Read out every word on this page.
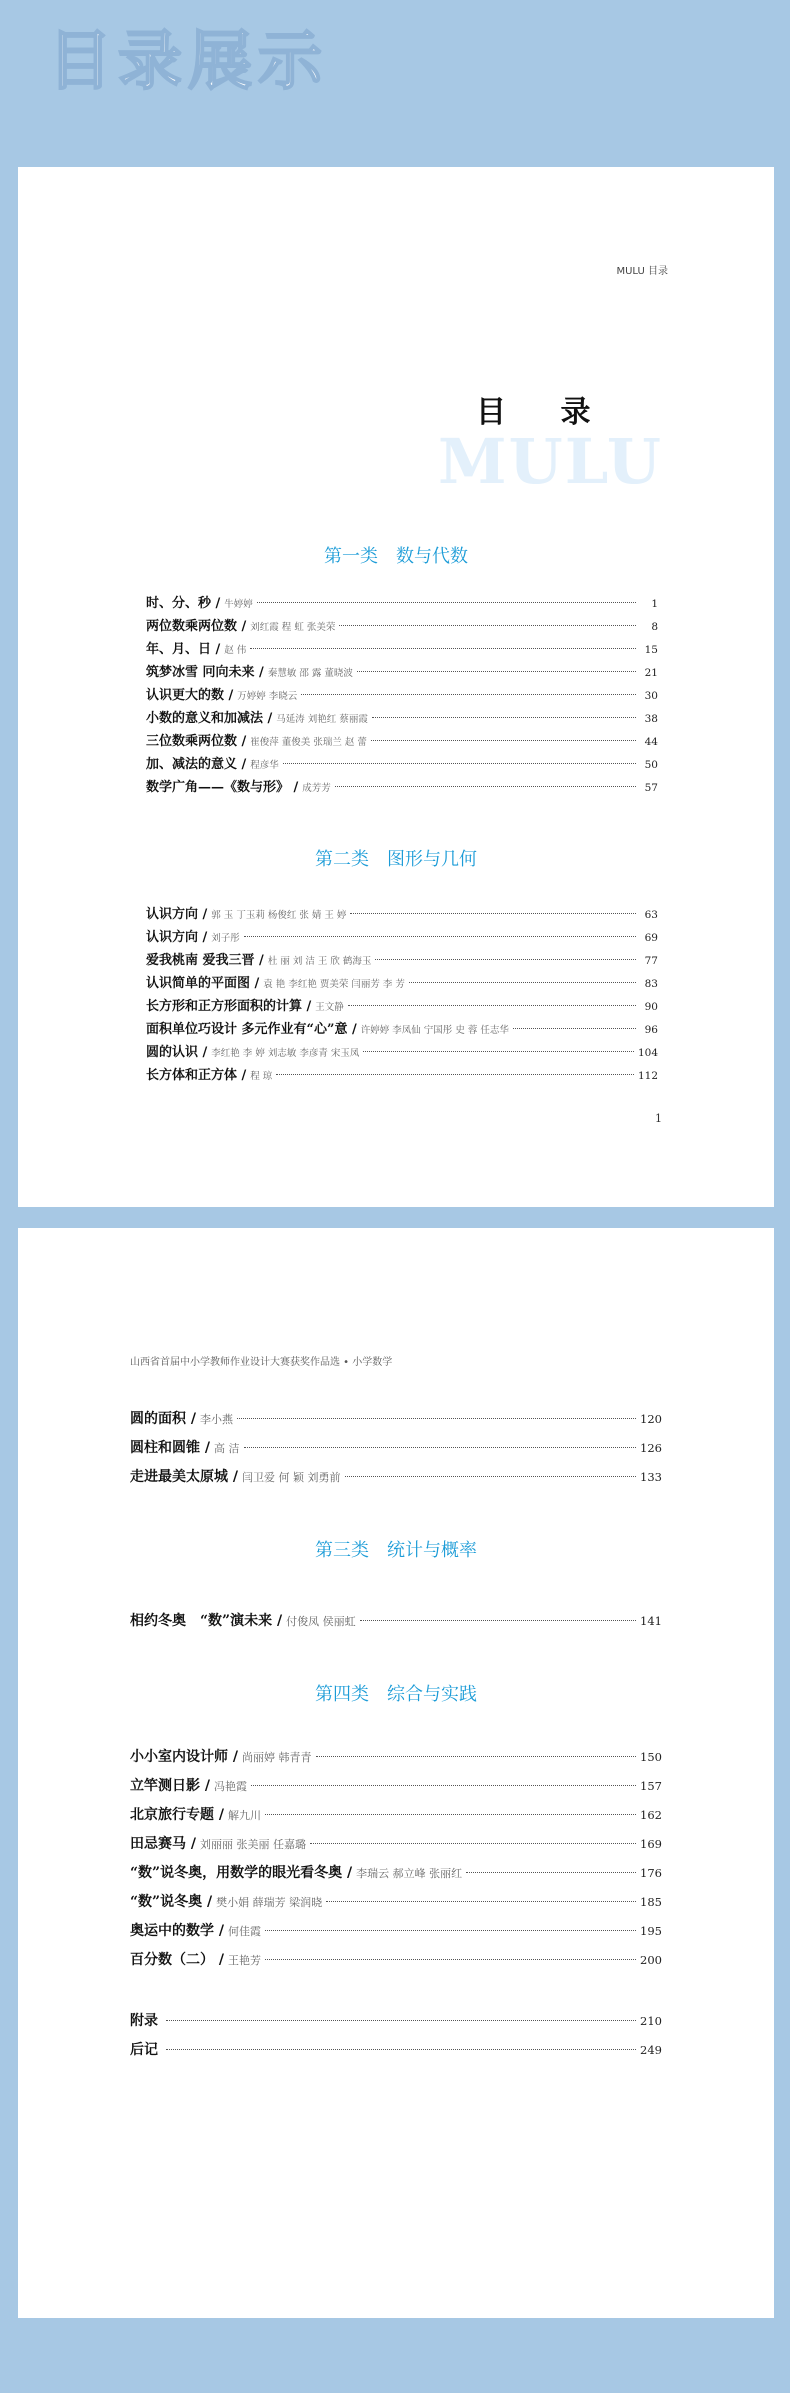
目录展示
MULU 目录
MULU
目 录
第一类　数与代数
时、分、秒 / 牛婷婷	1
两位数乘两位数 / 刘红霞 程 虹 张美荣	8
年、月、日 / 赵 伟	15
筑梦冰雪 冋向未来 / 秦慧敏 邵 露 董晓波	21
认识更大的数 / 万婷婷 李晓云	30
小数的意义和加减法 / 马延涛 刘艳红 蔡丽霞	38
三位数乘两位数 / 崔俊萍 董俊美 张瑞兰 赵 蕾	44
加、减法的意义 / 程彦华	50
数学广角——《数与形》 / 成芳芳	57
第二类　图形与几何
认识方向 / 郭 玉 丁玉莉 杨俊红 张 婧 王 婷	63
认识方向 / 刘子彤	69
爱我桃南 爱我三晋 / 杜 丽 刘 洁 王 欣 鹤海玉	77
认识简单的平面图 / 袁 艳 李红艳 贾美荣 闫丽芳 李 芳	83
长方形和正方形面积的计算 / 王文静	90
面积单位巧设计 多元作业有“心”意 / 许婷婷 李凤仙 宁国彤 史 蓉 任志华	96
圆的认识 / 李红艳 李 婷 刘志敏 李彦青 宋玉凤	104
长方体和正方体 / 程 琼	112
1
山西省首届中小学教师作业设计大赛获奖作品选 • 小学数学
圆的面积 / 李小燕	120
圆柱和圆锥 / 高 洁	126
走进最美太原城 / 闫卫爱 何 颖 刘勇前	133
第三类　统计与概率
相约冬奥　“数”演未来 / 付俊凤 侯丽虹	141
第四类　综合与实践
小小室内设计师 / 尚丽婷 韩青青	150
立竿测日影 / 冯艳霞	157
北京旅行专题 / 解九川	162
田忌赛马 / 刘丽丽 张美丽 任嘉璐	169
“数”说冬奥，用数学的眼光看冬奥 / 李瑞云 郝立峰 张丽红	176
“数”说冬奥 / 樊小娟 薛瑞芳 梁润晓	185
奥运中的数学 / 何佳霞	195
百分数（二） / 王艳芳	200
附录	210
后记	249
